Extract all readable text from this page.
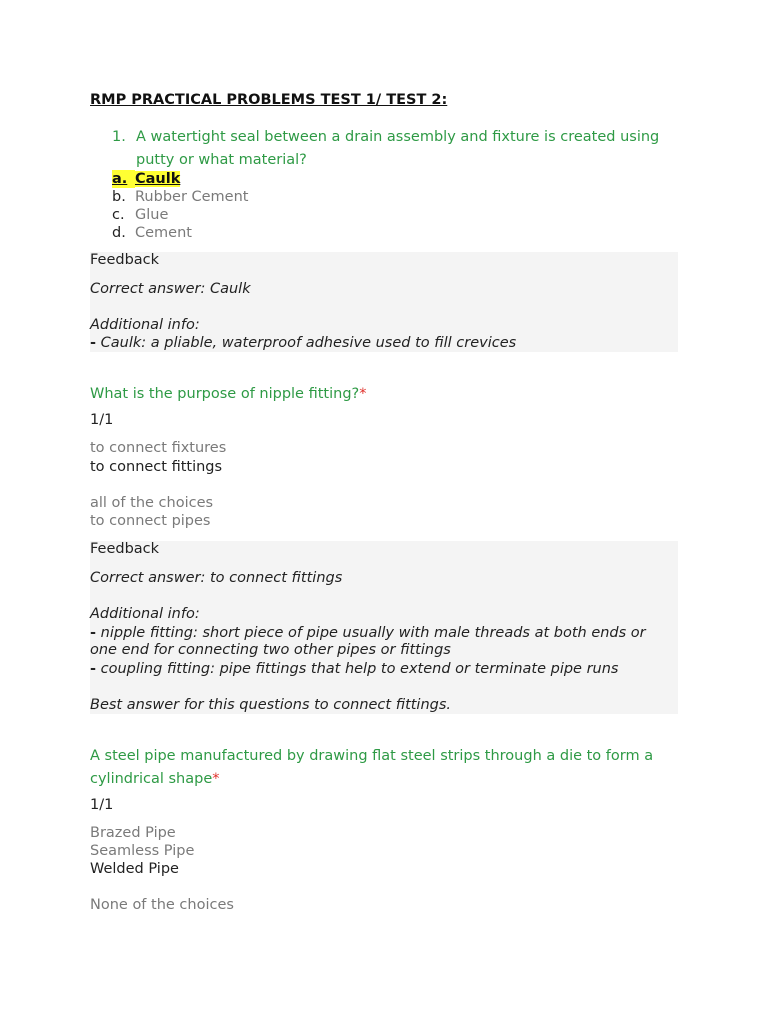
RMP PRACTICAL PROBLEMS TEST 1/ TEST 2:
1. A watertight seal between a drain assembly and fixture is created using putty or what material?
a. Caulk
b. Rubber Cement
c. Glue
d. Cement
Feedback
Correct answer: Caulk
Additional info:
- Caulk: a pliable, waterproof adhesive used to fill crevices
What is the purpose of nipple fitting?*
1/1
to connect fixtures
to connect fittings
all of the choices
to connect pipes
Feedback
Correct answer: to connect fittings
Additional info:
- nipple fitting: short piece of pipe usually with male threads at both ends or
one end for connecting two other pipes or fittings
- coupling fitting: pipe fittings that help to extend or terminate pipe runs
Best answer for this questions to connect fittings.
A steel pipe manufactured by drawing flat steel strips through a die to form a
cylindrical shape*
1/1
Brazed Pipe
Seamless Pipe
Welded Pipe
None of the choices
